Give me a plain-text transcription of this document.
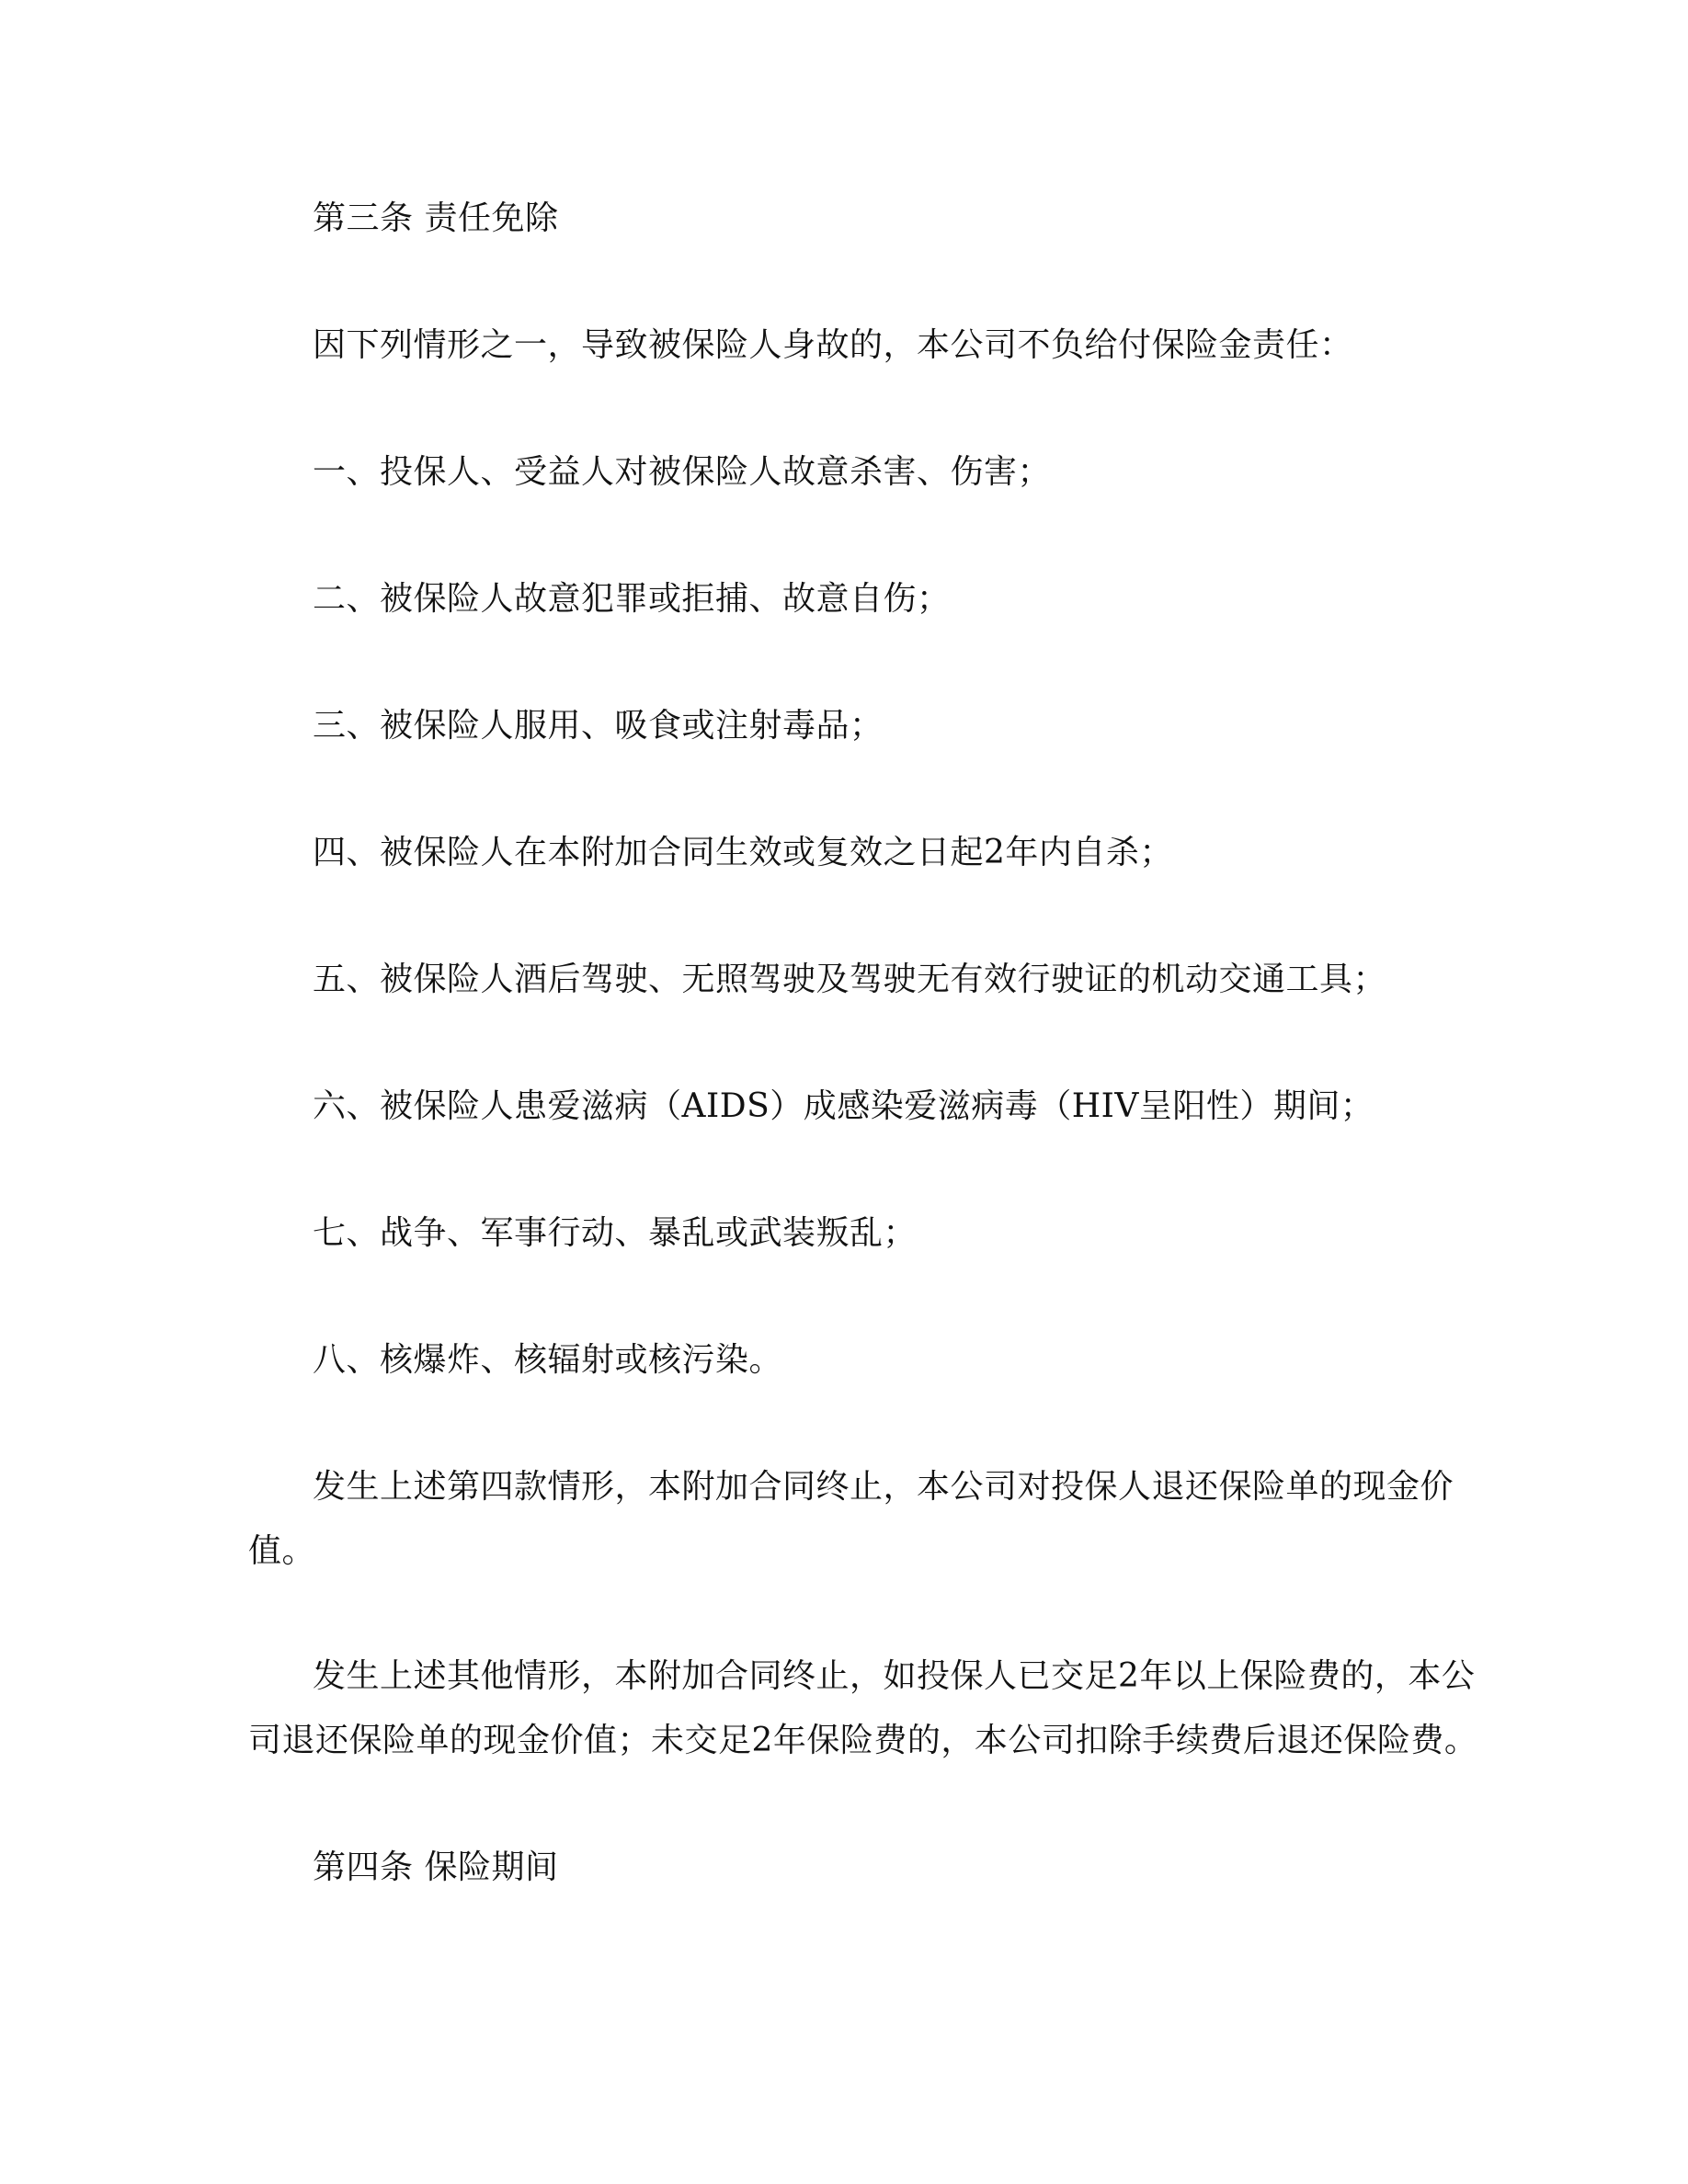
第三条 责任免除

因下列情形之一，导致被保险人身故的，本公司不负给付保险金责任：

一、投保人、受益人对被保险人故意杀害、伤害；

二、被保险人故意犯罪或拒捕、故意自伤；

三、被保险人服用、吸食或注射毒品；

四、被保险人在本附加合同生效或复效之日起2年内自杀；

五、被保险人酒后驾驶、无照驾驶及驾驶无有效行驶证的机动交通工具；

六、被保险人患爱滋病（AIDS）成感染爱滋病毒（HIV呈阳性）期间；

七、战争、军事行动、暴乱或武装叛乱；

八、核爆炸、核辐射或核污染。

发生上述第四款情形，本附加合同终止，本公司对投保人退还保险单的现金价

值。

发生上述其他情形，本附加合同终止，如投保人已交足2年以上保险费的，本公

司退还保险单的现金价值；未交足2年保险费的，本公司扣除手续费后退还保险费。

第四条 保险期间
